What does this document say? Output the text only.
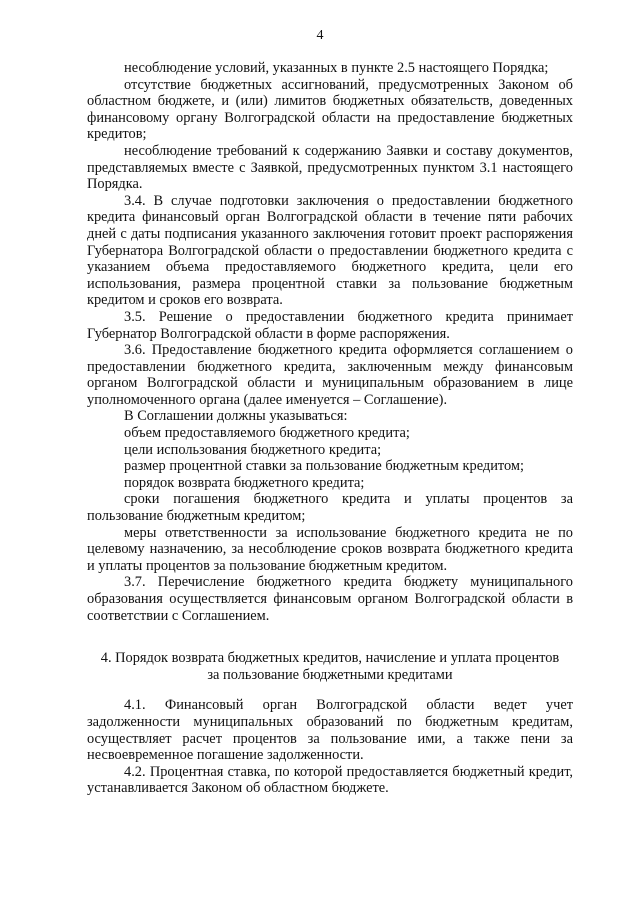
4

несоблюдение условий, указанных в пункте 2.5 настоящего Порядка;

отсутствие бюджетных ассигнований, предусмотренных Законом об областном бюджете, и (или) лимитов бюджетных обязательств, доведенных финансовому органу Волгоградской области на предоставление бюджетных кредитов;

несоблюдение требований к содержанию Заявки и составу документов, представляемых вместе с Заявкой, предусмотренных пунктом 3.1 настоящего Порядка.

3.4. В случае подготовки заключения о предоставлении бюджетного кредита финансовый орган Волгоградской области в течение пяти рабочих дней с даты подписания указанного заключения готовит проект распоряжения Губернатора Волгоградской области о предоставлении бюджетного кредита с указанием объема предоставляемого бюджетного кредита, цели его использования, размера процентной ставки за пользование бюджетным кредитом и сроков его возврата.

3.5. Решение о предоставлении бюджетного кредита принимает Губернатор Волгоградской области в форме распоряжения.

3.6. Предоставление бюджетного кредита оформляется соглашением о предоставлении бюджетного кредита, заключенным между финансовым органом Волгоградской области и муниципальным образованием в лице уполномоченного органа (далее именуется – Соглашение).

В Соглашении должны указываться:

объем предоставляемого бюджетного кредита;

цели использования бюджетного кредита;

размер процентной ставки за пользование бюджетным кредитом;

порядок возврата бюджетного кредита;

сроки погашения бюджетного кредита и уплаты процентов за пользование бюджетным кредитом;

меры ответственности за использование бюджетного кредита не по целевому назначению, за несоблюдение сроков возврата бюджетного кредита и уплаты процентов за пользование бюджетным кредитом.

3.7. Перечисление бюджетного кредита бюджету муниципального образования осуществляется финансовым органом Волгоградской области в соответствии с Соглашением.

4. Порядок возврата бюджетных кредитов, начисление и уплата процентов
за пользование бюджетными кредитами

4.1. Финансовый орган Волгоградской области ведет учет задолженности муниципальных образований по бюджетным кредитам, осуществляет расчет процентов за пользование ими, а также пени за несвоевременное погашение задолженности.

4.2. Процентная ставка, по которой предоставляется бюджетный кредит, устанавливается Законом об областном бюджете.
